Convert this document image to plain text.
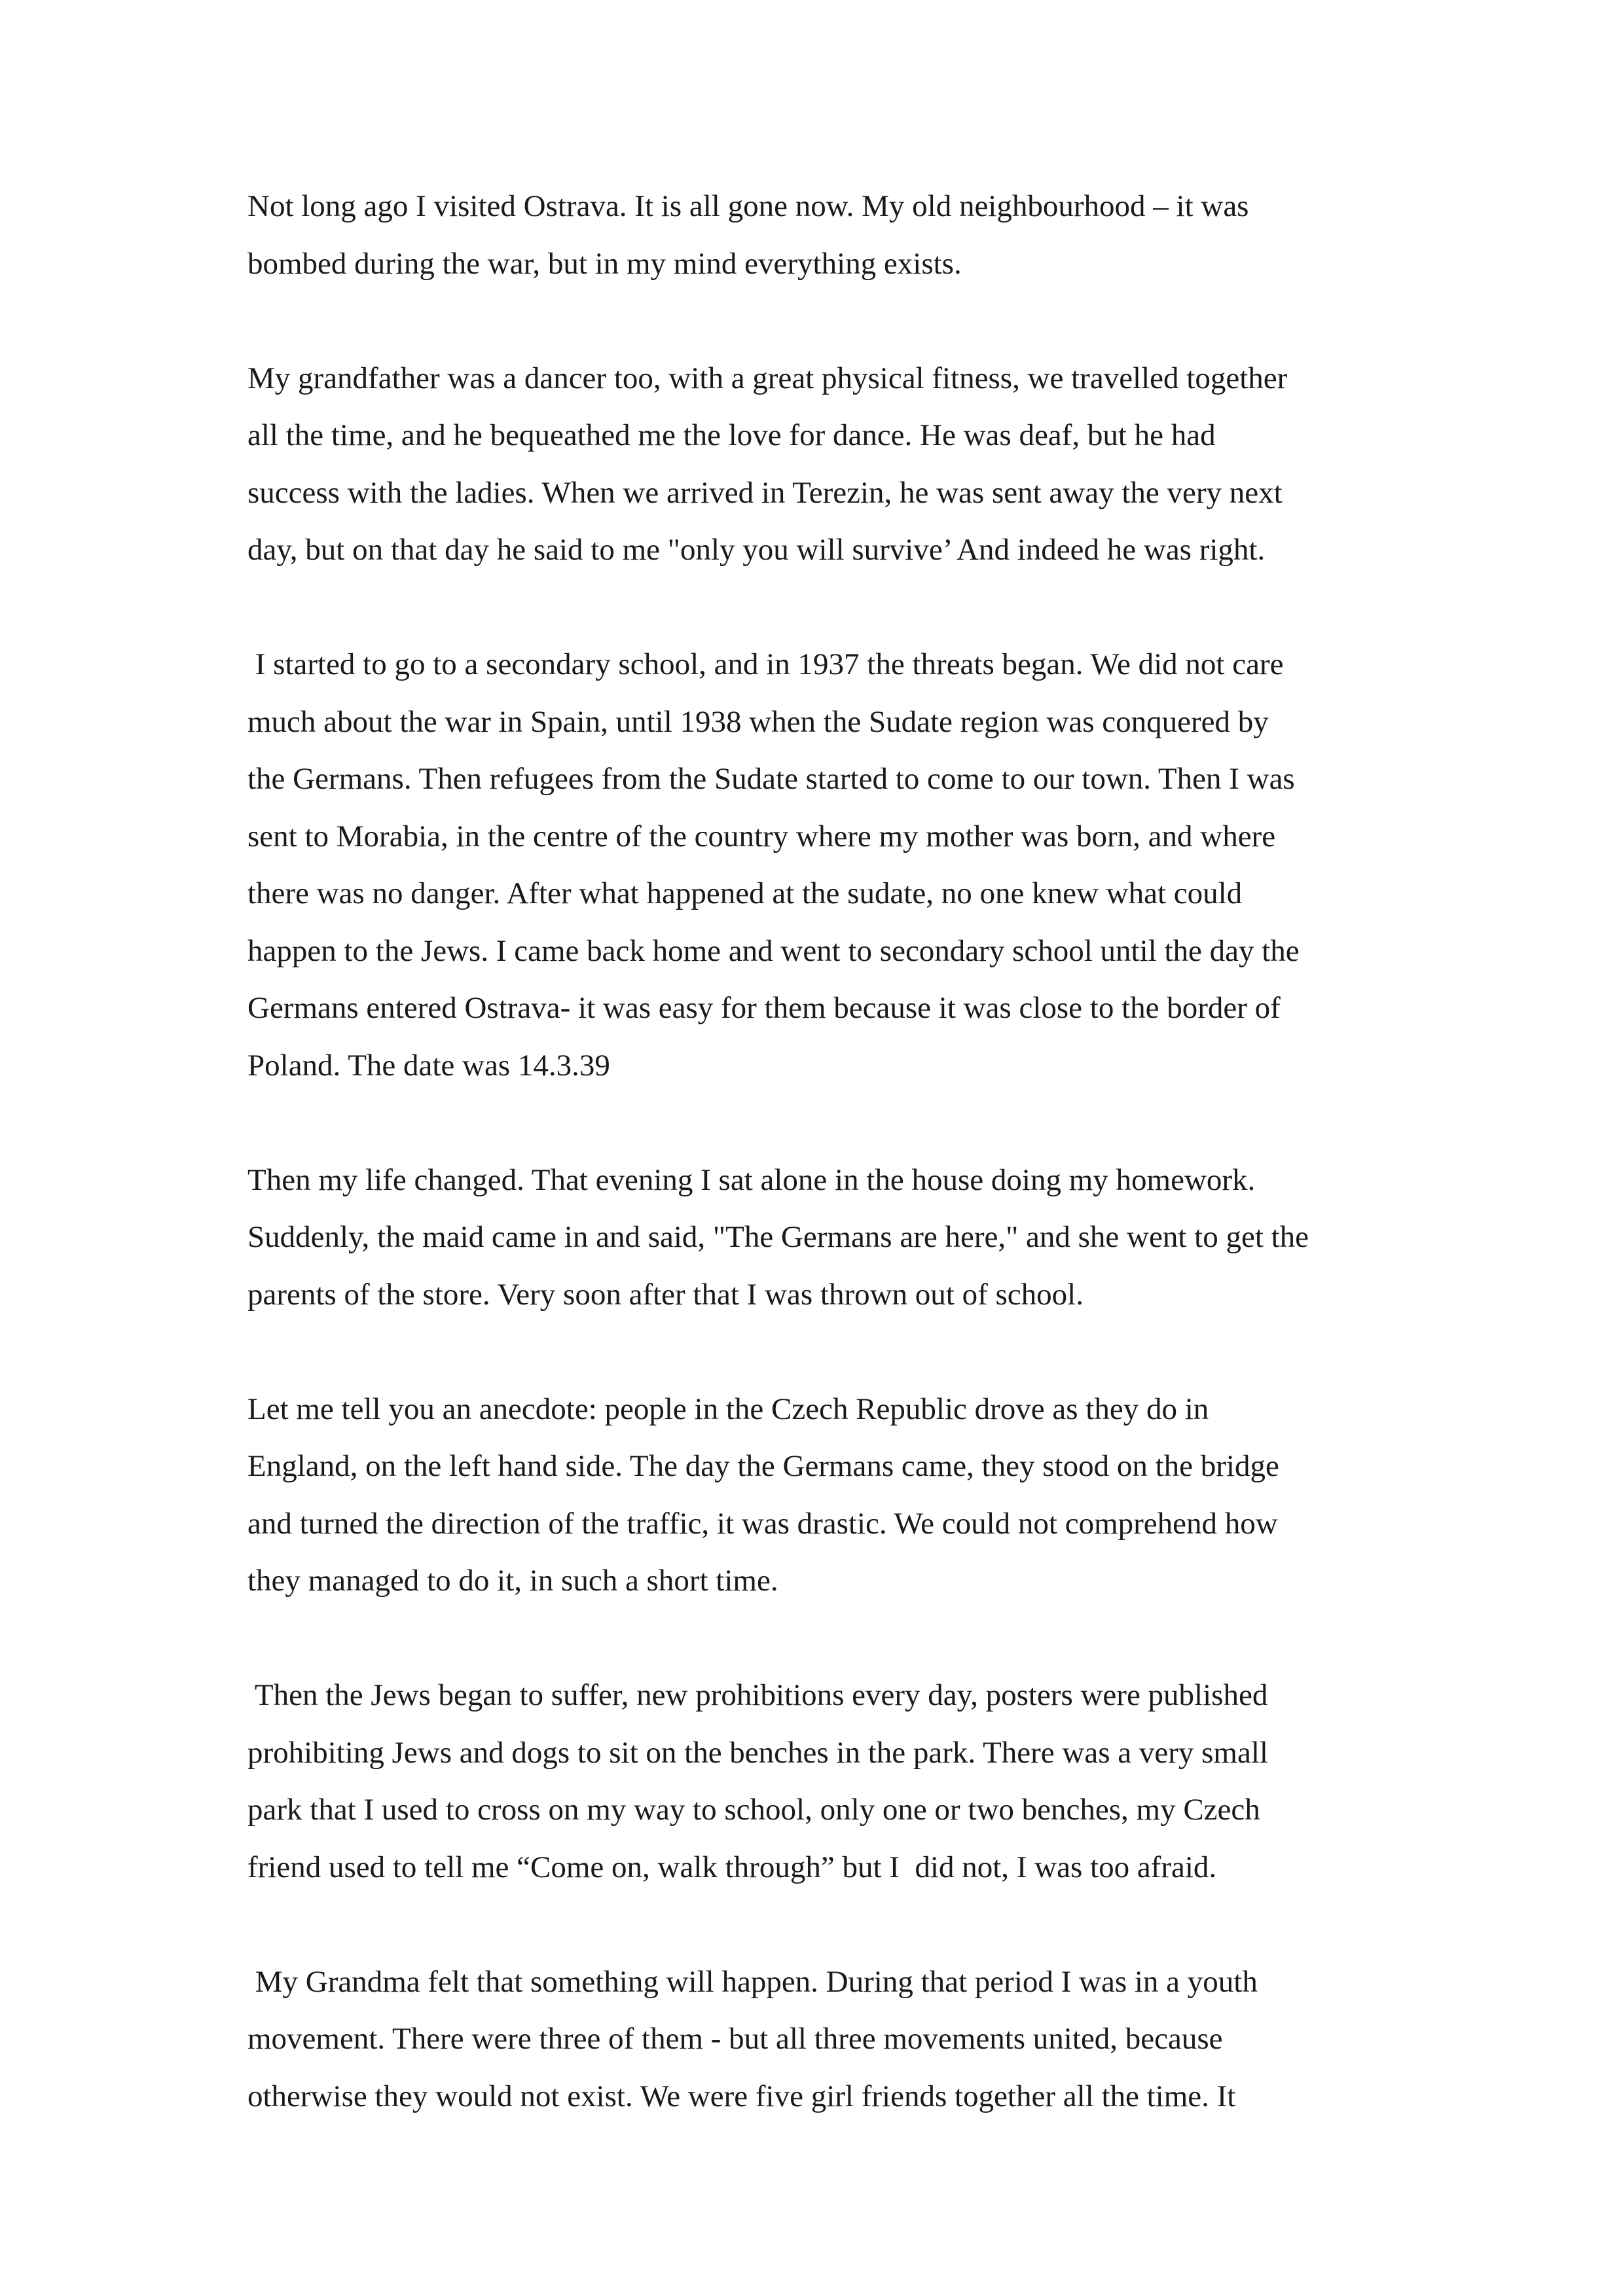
Not long ago I visited Ostrava. It is all gone now. My old neighbourhood – it was
bombed during the war, but in my mind everything exists.
My grandfather was a dancer too, with a great physical fitness, we travelled together
all the time, and he bequeathed me the love for dance. He was deaf, but he had
success with the ladies. When we arrived in Terezin, he was sent away the very next
day, but on that day he said to me "only you will survive’ And indeed he was right.
I started to go to a secondary school, and in 1937 the threats began. We did not care
much about the war in Spain, until 1938 when the Sudate region was conquered by
the Germans. Then refugees from the Sudate started to come to our town. Then I was
sent to Morabia, in the centre of the country where my mother was born, and where
there was no danger. After what happened at the sudate, no one knew what could
happen to the Jews. I came back home and went to secondary school until the day the
Germans entered Ostrava- it was easy for them because it was close to the border of
Poland. The date was 14.3.39
Then my life changed. That evening I sat alone in the house doing my homework.
Suddenly, the maid came in and said, "The Germans are here," and she went to get the
parents of the store. Very soon after that I was thrown out of school.
Let me tell you an anecdote: people in the Czech Republic drove as they do in
England, on the left hand side. The day the Germans came, they stood on the bridge
and turned the direction of the traffic, it was drastic. We could not comprehend how
they managed to do it, in such a short time.
Then the Jews began to suffer, new prohibitions every day, posters were published
prohibiting Jews and dogs to sit on the benches in the park. There was a very small
park that I used to cross on my way to school, only one or two benches, my Czech
friend used to tell me “Come on, walk through” but I  did not, I was too afraid.
My Grandma felt that something will happen. During that period I was in a youth
movement. There were three of them - but all three movements united, because
otherwise they would not exist. We were five girl friends together all the time. It
